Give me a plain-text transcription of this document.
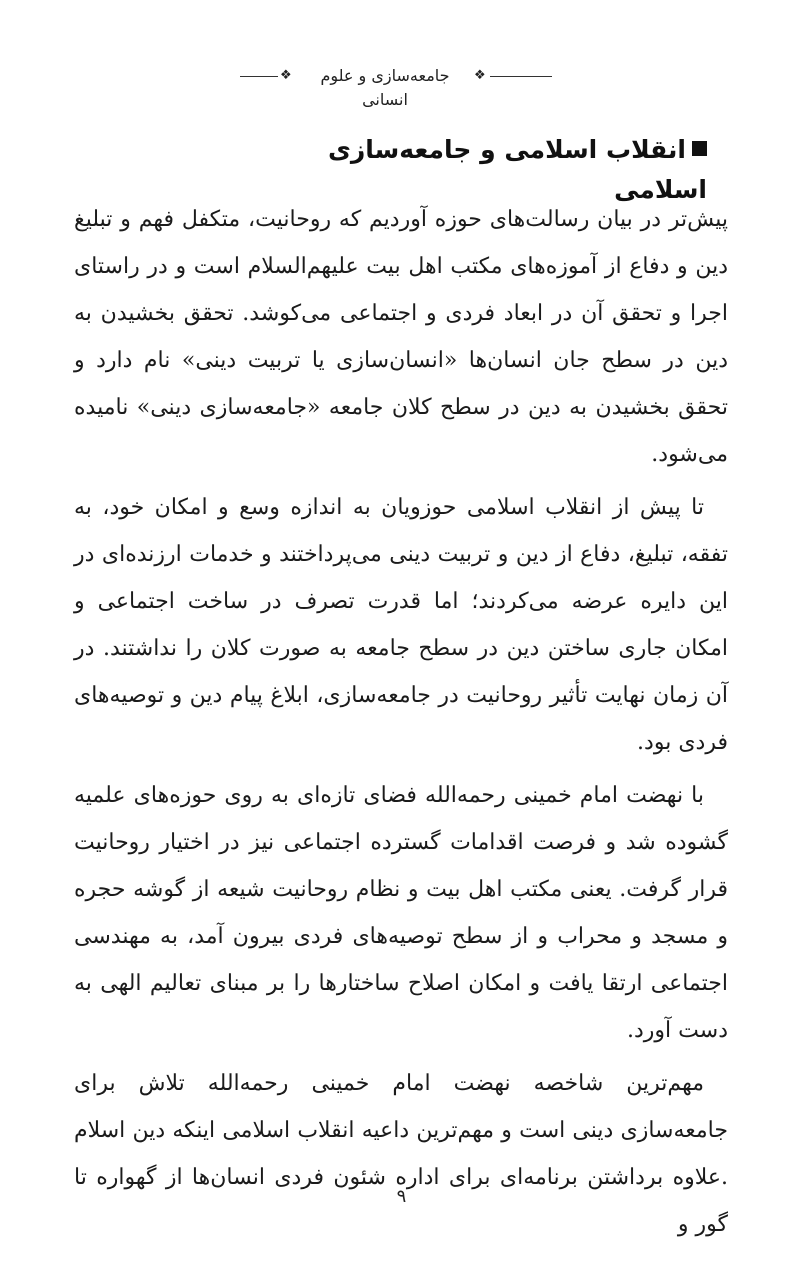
❖
جامعه‌سازی و علوم انسانی
❖
انقلاب اسلامی و جامعه‌سازی اسلامی

پیش‌تر در بیان رسالت‌های حوزه آوردیم که روحانیت، متکفل فهم و تبلیغ دین و دفاع از آموزه‌های مکتب اهل بیت علیهم‌السلام است و در راستای اجرا و تحقق آن در ابعاد فردی و اجتماعی می‌کوشد. تحقق بخشیدن به دین در سطح جان انسان‌ها «انسان‌سازی یا تربیت دینی» نام دارد و تحقق بخشیدن به دین در سطح کلان جامعه «جامعه‌سازی دینی» نامیده می‌شود.

تا پیش از انقلاب اسلامی حوزویان به اندازه وسع و امکان خود، به تفقه، تبلیغ، دفاع از دین و تربیت دینی می‌پرداختند و خدمات ارزنده‌ای در این دایره عرضه می‌کردند؛ اما قدرت تصرف در ساخت اجتماعی و امکان جاری ساختن دین در سطح جامعه به صورت کلان را نداشتند. در آن زمان نهایت تأثیر روحانیت در جامعه‌سازی، ابلاغ پیام دین و توصیه‌های فردی بود.

با نهضت امام خمینی رحمه‌الله فضای تازه‌ای به روی حوزه‌های علمیه گشوده شد و فرصت اقدامات گسترده اجتماعی نیز در اختیار روحانیت قرار گرفت. یعنی مکتب اهل بیت و نظام روحانیت شیعه از گوشه حجره و مسجد و محراب و از سطح توصیه‌های فردی بیرون آمد، به مهندسی اجتماعی ارتقا یافت و امکان اصلاح ساختارها را بر مبنای تعالیم الهی به دست آورد.

مهم‌ترین شاخصه نهضت امام خمینی رحمه‌الله تلاش برای جامعه‌سازی دینی است و مهم‌ترین داعیه انقلاب اسلامی اینکه دین اسلام .علاوه برداشتن برنامه‌ای برای اداره شئون فردی انسان‌ها از گهواره تا گور و

۹
